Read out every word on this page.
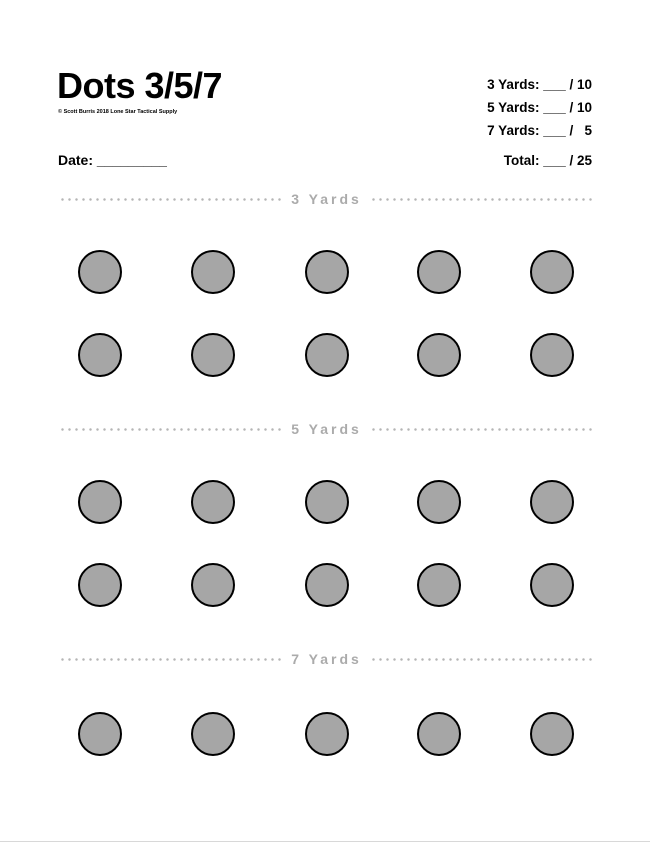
Dots 3/5/7
© Scott Burris 2018 Lone Star Tactical Supply
Date: _________
3 Yards: ___ / 10
5 Yards: ___ / 10
7 Yards: ___ /   5
Total: ___ / 25
3 Yards
5 Yards
7 Yards
